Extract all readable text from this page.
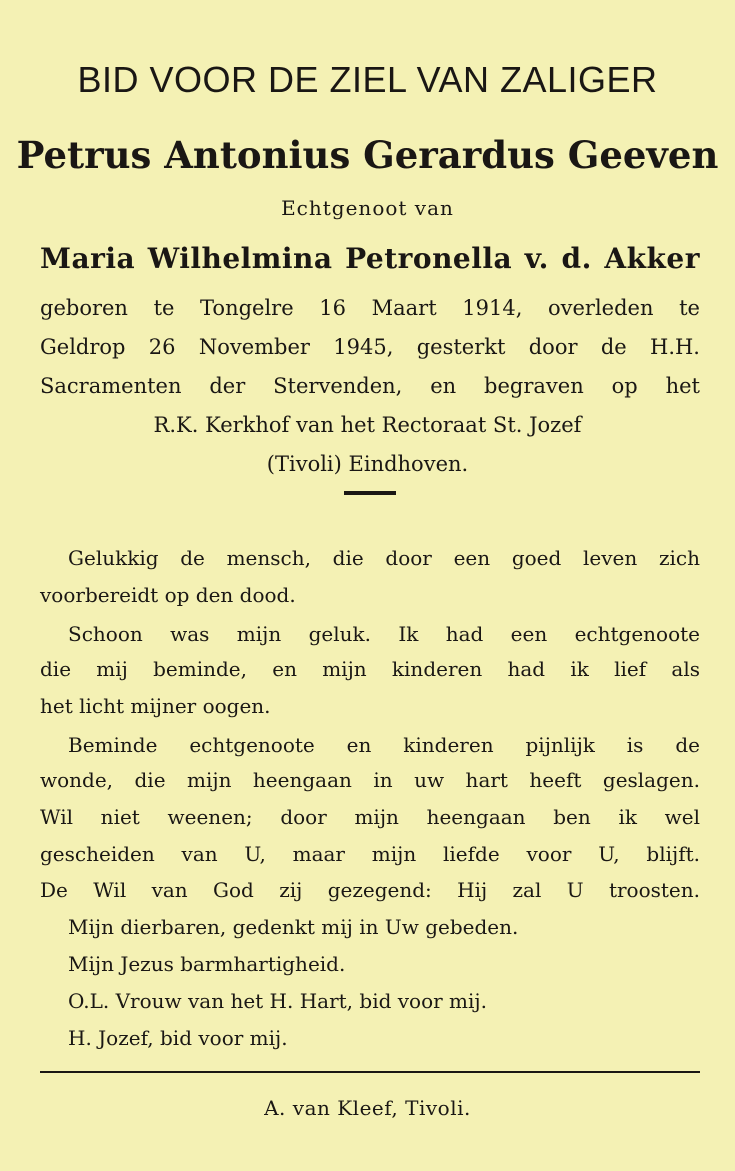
BID VOOR DE ZIEL VAN ZALIGER
Petrus Antonius Gerardus Geeven
Echtgenoot van
Maria Wilhelmina Petronella v. d. Akker
geboren te Tongelre 16 Maart 1914, overleden te
Geldrop 26 November 1945, gesterkt door de H.H.
Sacramenten der Stervenden, en begraven op het
R.K. Kerkhof van het Rectoraat St. Jozef
(Tivoli) Eindhoven.
Gelukkig de mensch, die door een goed leven zich
voorbereidt op den dood.
Schoon was mijn geluk. Ik had een echtgenoote
die mij beminde, en mijn kinderen had ik lief als
het licht mijner oogen.
Beminde echtgenoote en kinderen pijnlijk is de
wonde, die mijn heengaan in uw hart heeft geslagen.
Wil niet weenen; door mijn heengaan ben ik wel
gescheiden van U, maar mijn liefde voor U, blijft.
De Wil van God zij gezegend: Hij zal U troosten.
Mijn dierbaren, gedenkt mij in Uw gebeden.
Mijn Jezus barmhartigheid.
O.L. Vrouw van het H. Hart, bid voor mij.
H. Jozef, bid voor mij.
A. van Kleef, Tivoli.
